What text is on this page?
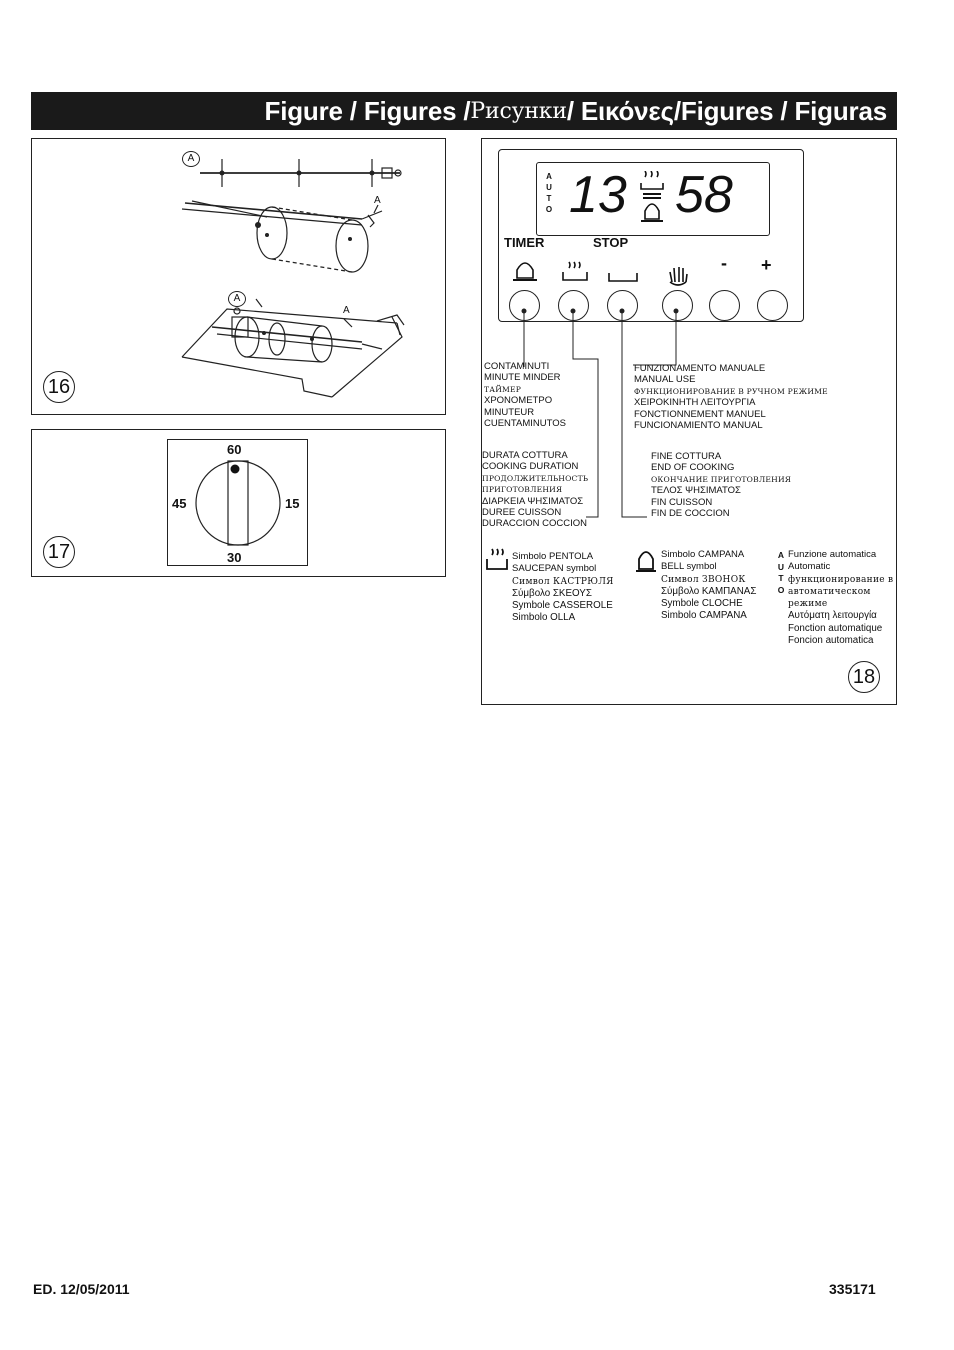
Figure / Figures / Рисунки / Εικόνες/Figures / Figuras
A
A
A
A
16
60
15
30
45
17
A
U
T
O 13 58
TIMER	STOP
- +
CONTAMINUTI
MINUTE MINDER
ТАЙМЕР
ΧΡΟΝΟΜΕΤΡΟ
MINUTEUR
CUENTAMINUTOS
FUNZIONAMENTO MANUALE
MANUAL USE
ФУНКЦИОНИРОВАНИЕ В РУЧНОМ РЕЖИМЕ
ΧΕΙΡΟΚΙΝΗΤΗ ΛΕΙΤΟΥΡΓΙΑ
FONCTIONNEMENT MANUEL
FUNCIONAMIENTO MANUAL
DURATA COTTURA
COOKING DURATION
ПРОДОЛЖИТЕЛЬНОСТЬ
ПРИГОТОВЛЕНИЯ
ΔΙΑΡΚΕΙΑ ΨΗΣΙΜΑΤΟΣ
DUREE CUISSON
DURACCION COCCION
FINE COTTURA
END OF COOKING
ОКОНЧАНИЕ ПРИГОТОВЛЕНИЯ
ΤΕΛΟΣ ΨΗΣΙΜΑΤΟΣ
FIN CUISSON
FIN DE COCCION
Simbolo PENTOLA
SAUCEPAN symbol
Символ КАСТРЮЛЯ
Σύμβολο ΣΚΕΟΥΣ
Symbole CASSEROLE
Simbolo OLLA
Simbolo CAMPANA
BELL symbol
Символ ЗВОНОК
Σύμβολο ΚΑΜΠΑΝΑΣ
Symbole CLOCHE
Simbolo CAMPANA
A
U
T
O
Funzione automatica
Automatic
функционирование в
автоматическом
режиме
Αυτόματη λειτουργία
Fonction automatique
Foncion automatica
18
ED. 12/05/2011	335171
